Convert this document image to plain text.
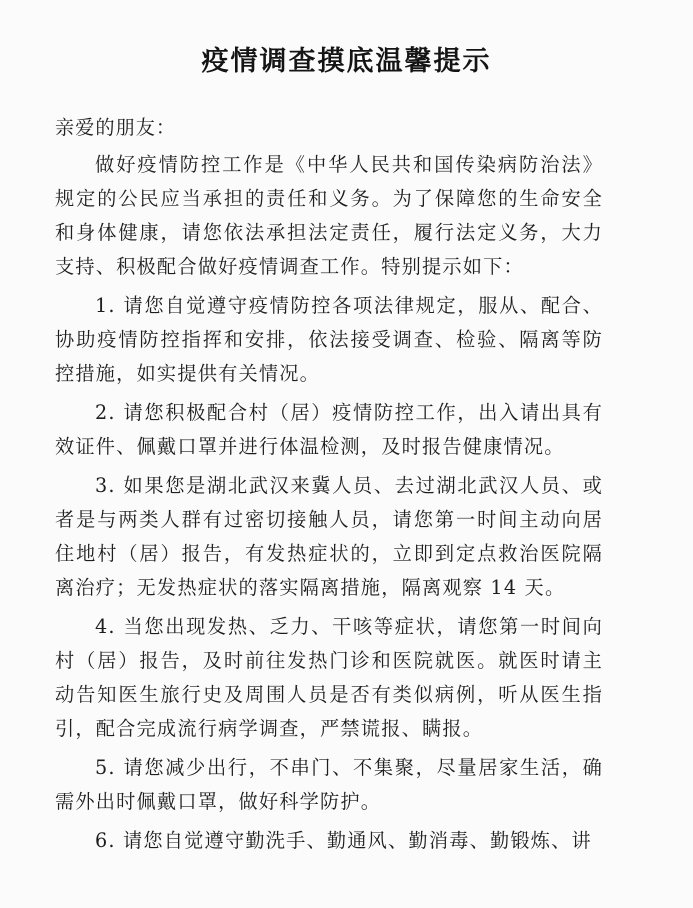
疫情调查摸底温馨提示

亲爱的朋友：

做好疫情防控工作是《中华人民共和国传染病防治法》规定的公民应当承担的责任和义务。为了保障您的生命安全和身体健康，请您依法承担法定责任，履行法定义务，大力支持、积极配合做好疫情调查工作。特别提示如下：

1. 请您自觉遵守疫情防控各项法律规定，服从、配合、协助疫情防控指挥和安排，依法接受调查、检验、隔离等防控措施，如实提供有关情况。

2. 请您积极配合村（居）疫情防控工作，出入请出具有效证件、佩戴口罩并进行体温检测，及时报告健康情况。

3. 如果您是湖北武汉来冀人员、去过湖北武汉人员、或者是与两类人群有过密切接触人员，请您第一时间主动向居住地村（居）报告，有发热症状的，立即到定点救治医院隔离治疗；无发热症状的落实隔离措施，隔离观察 14 天。

4. 当您出现发热、乏力、干咳等症状，请您第一时间向村（居）报告，及时前往发热门诊和医院就医。就医时请主动告知医生旅行史及周围人员是否有类似病例，听从医生指引，配合完成流行病学调查，严禁谎报、瞒报。

5. 请您减少出行，不串门、不集聚，尽量居家生活，确需外出时佩戴口罩，做好科学防护。

6. 请您自觉遵守勤洗手、勤通风、勤消毒、勤锻炼、讲
